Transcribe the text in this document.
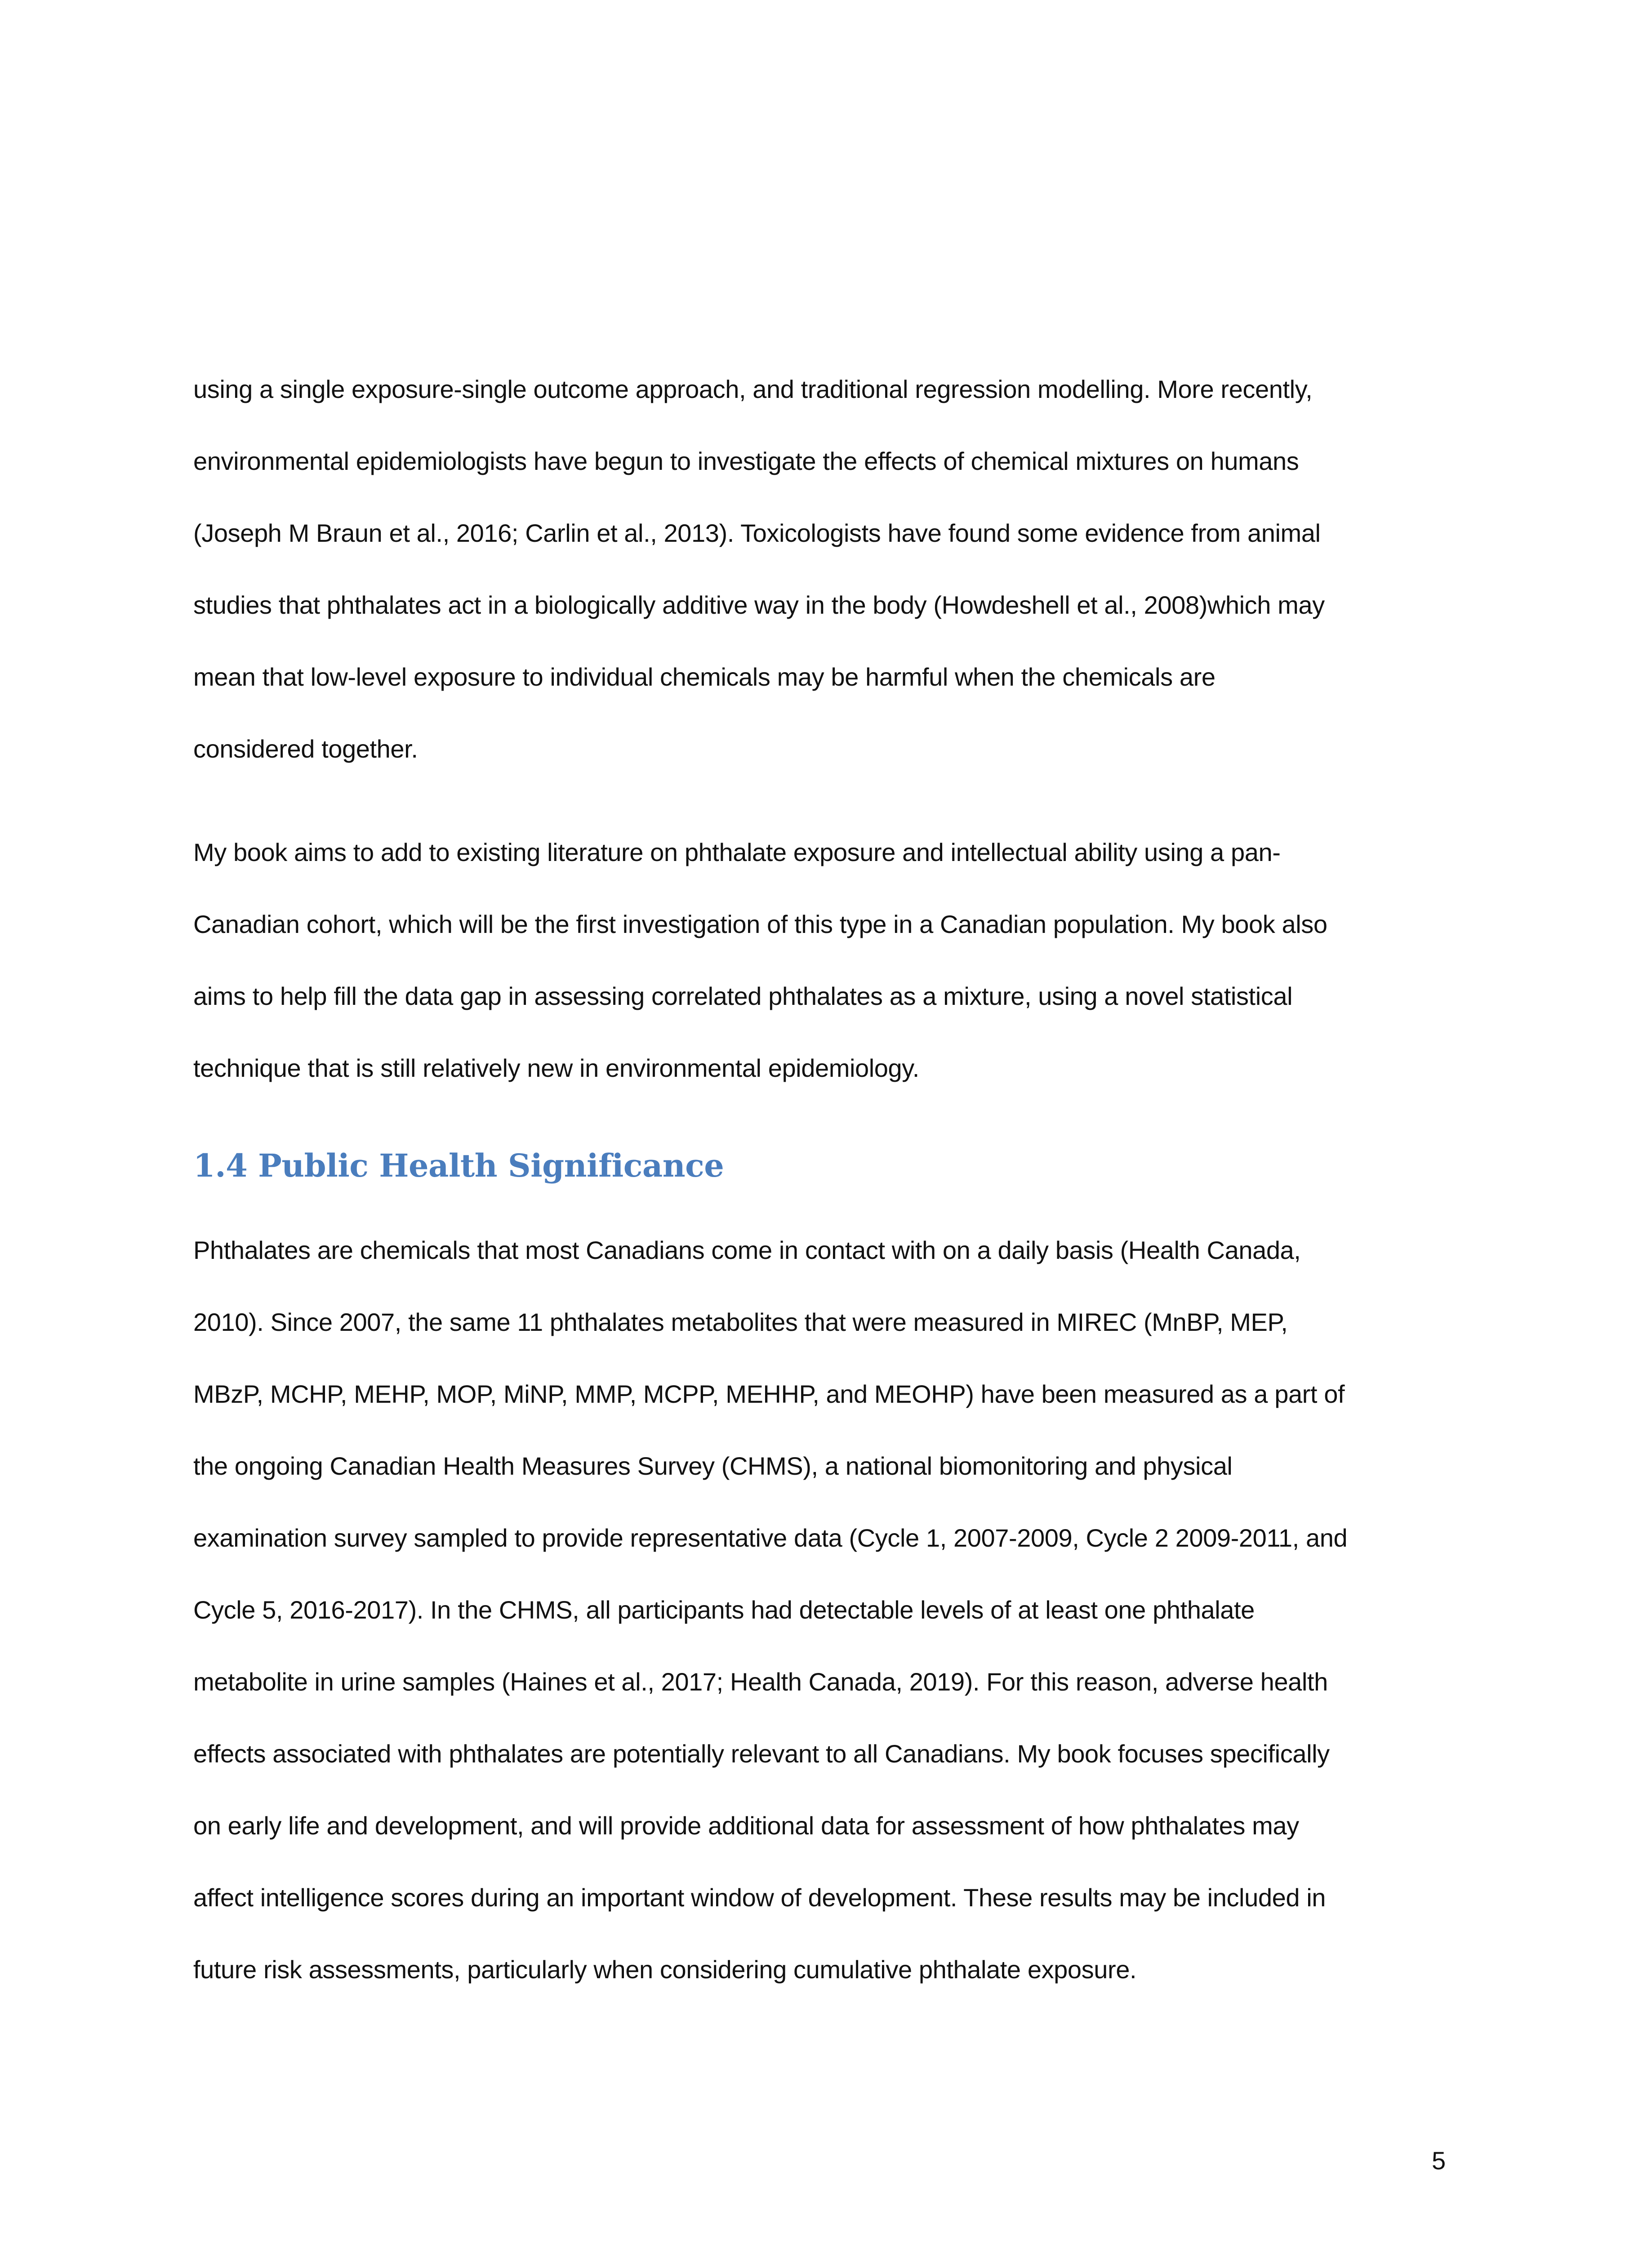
using a single exposure-single outcome approach, and traditional regression modelling. More recently,
environmental epidemiologists have begun to investigate the effects of chemical mixtures on humans
(Joseph M Braun et al., 2016; Carlin et al., 2013). Toxicologists have found some evidence from animal
studies that phthalates act in a biologically additive way in the body (Howdeshell et al., 2008)which may
mean that low-level exposure to individual chemicals may be harmful when the chemicals are
considered together.
My book aims to add to existing literature on phthalate exposure and intellectual ability using a pan-
Canadian cohort, which will be the first investigation of this type in a Canadian population. My book also
aims to help fill the data gap in assessing correlated phthalates as a mixture, using a novel statistical
technique that is still relatively new in environmental epidemiology.
1.4 Public Health Significance
Phthalates are chemicals that most Canadians come in contact with on a daily basis (Health Canada,
2010). Since 2007, the same 11 phthalates metabolites that were measured in MIREC (MnBP, MEP,
MBzP, MCHP, MEHP, MOP, MiNP, MMP, MCPP, MEHHP, and MEOHP) have been measured as a part of
the ongoing Canadian Health Measures Survey (CHMS), a national biomonitoring and physical
examination survey sampled to provide representative data (Cycle 1, 2007-2009, Cycle 2 2009-2011, and
Cycle 5, 2016-2017). In the CHMS, all participants had detectable levels of at least one phthalate
metabolite in urine samples (Haines et al., 2017; Health Canada, 2019). For this reason, adverse health
effects associated with phthalates are potentially relevant to all Canadians. My book focuses specifically
on early life and development, and will provide additional data for assessment of how phthalates may
affect intelligence scores during an important window of development. These results may be included in
future risk assessments, particularly when considering cumulative phthalate exposure.
5
